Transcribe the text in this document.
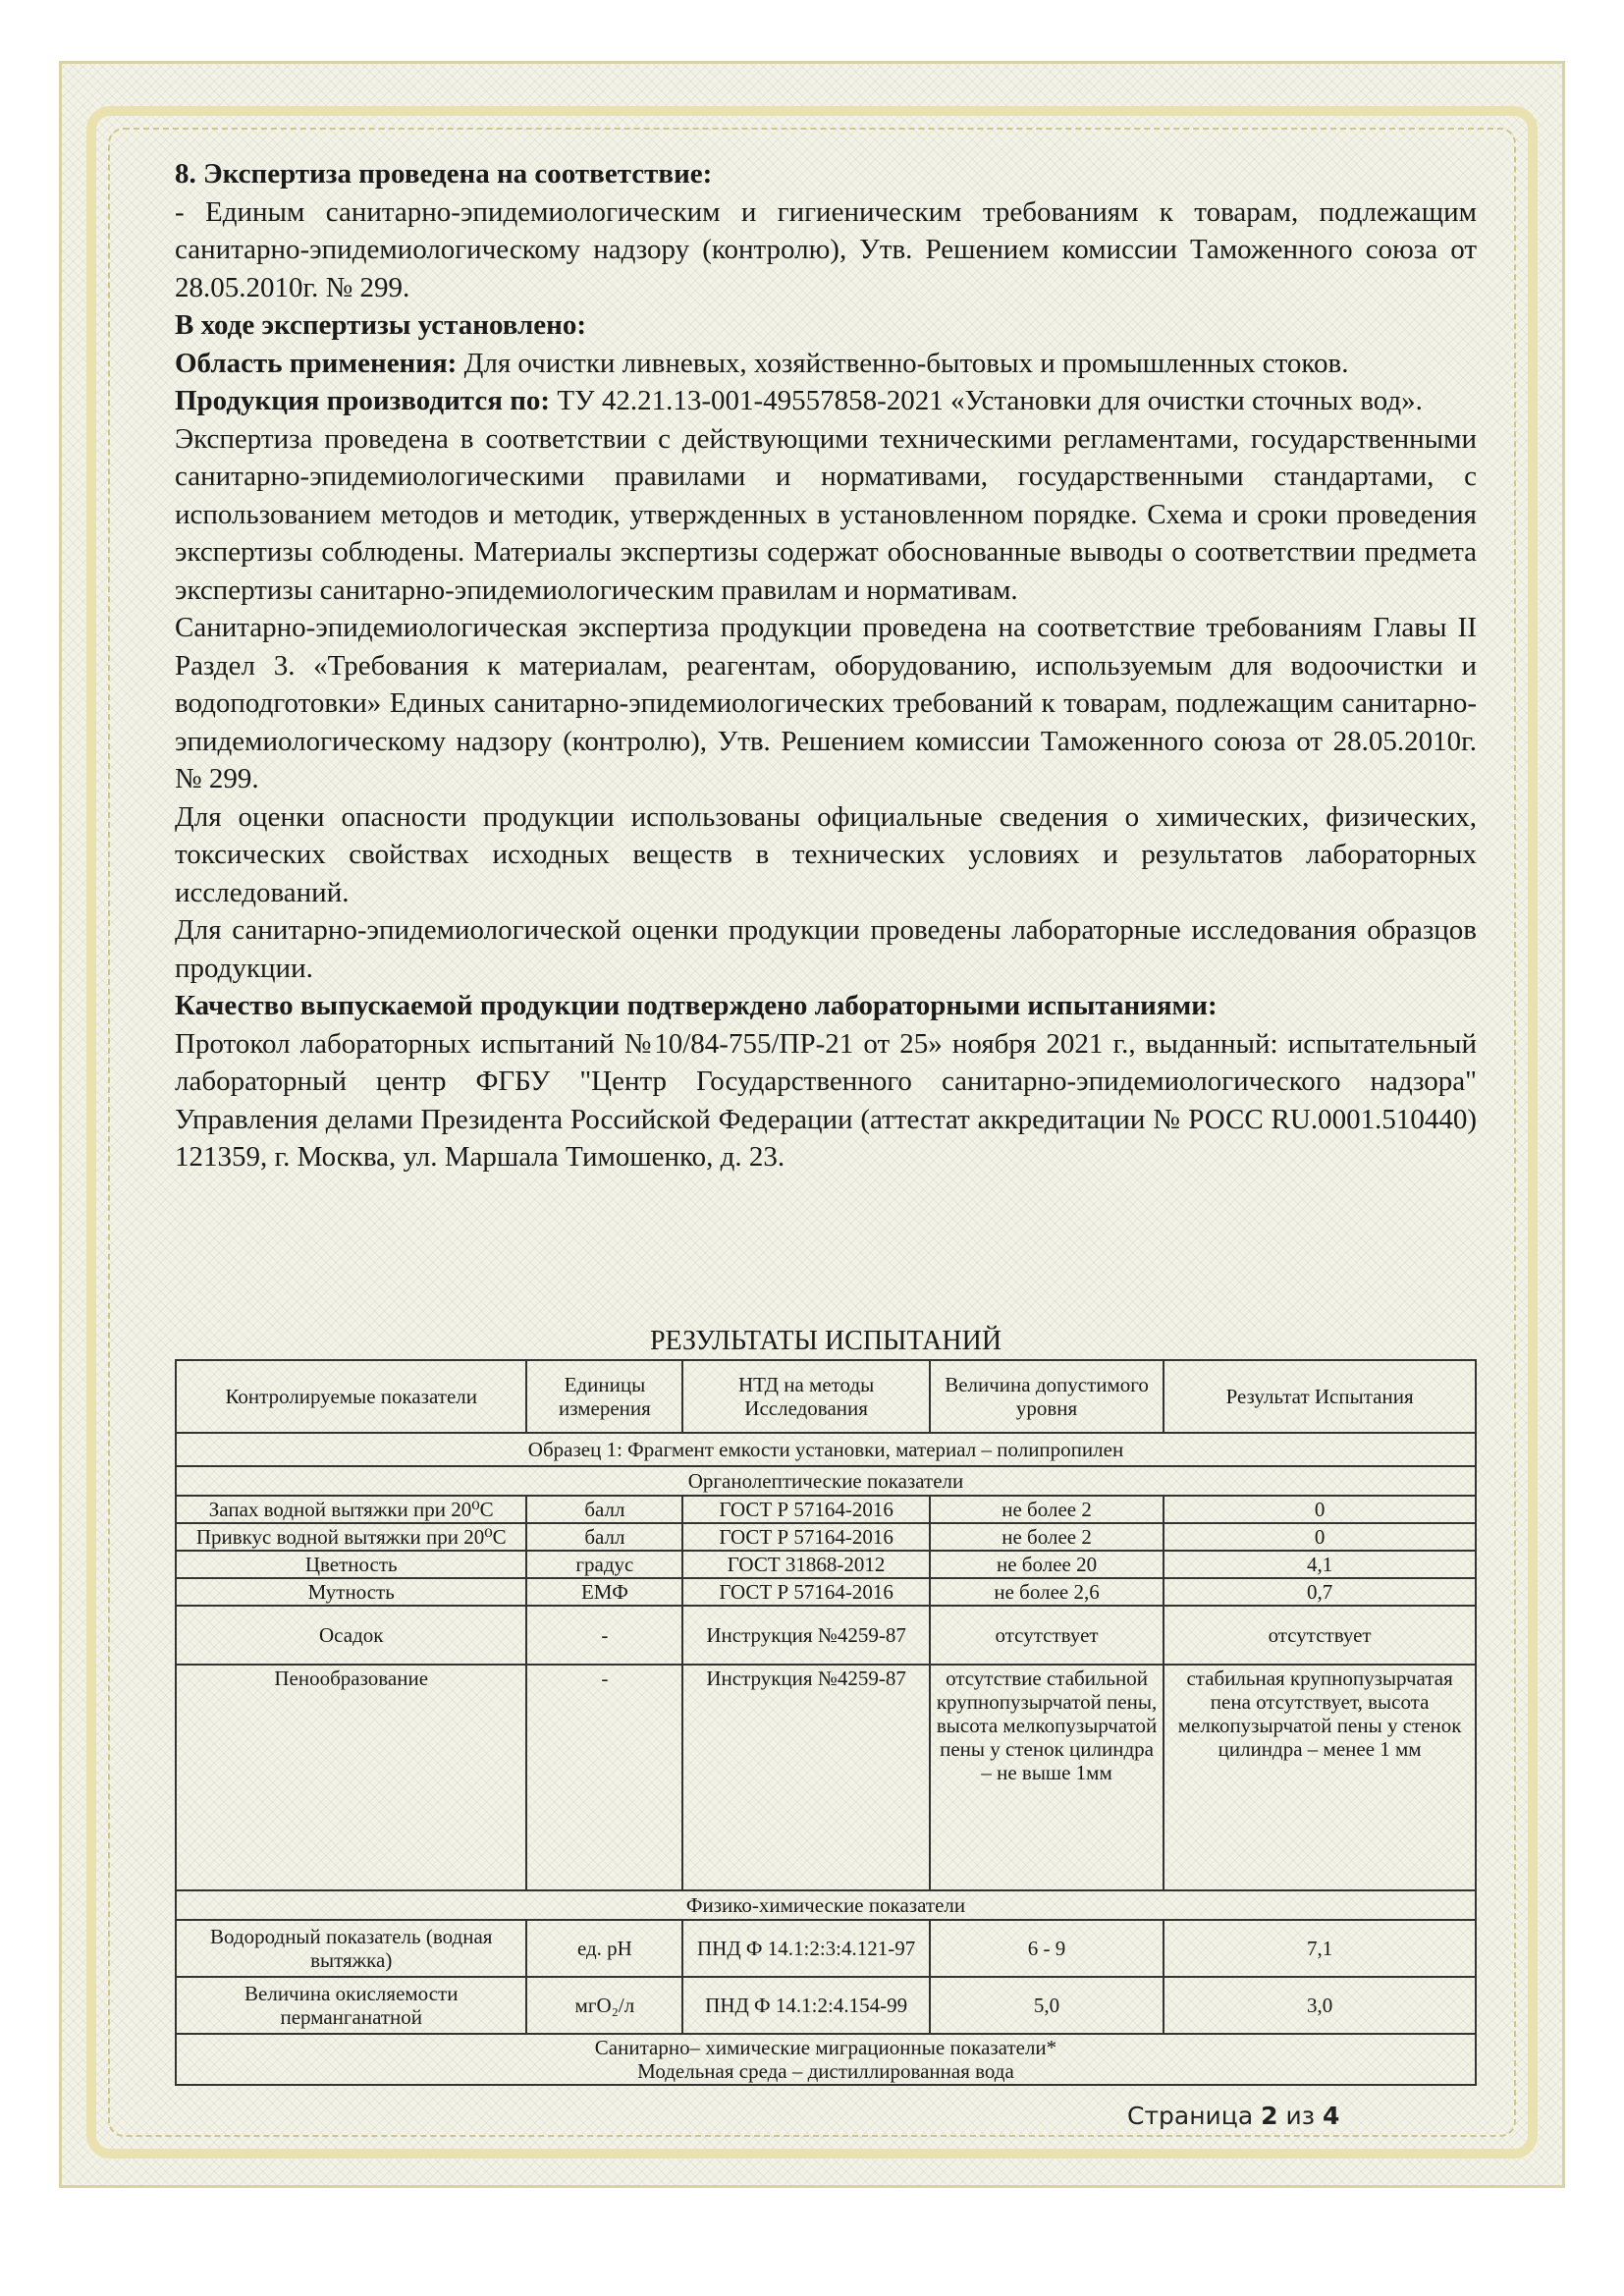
8. Экспертиза проведена на соответствие:
- Единым санитарно-эпидемиологическим и гигиеническим требованиям к товарам, подлежащим санитарно-эпидемиологическому надзору (контролю), Утв. Решением комиссии Таможенного союза от 28.05.2010г. № 299.

В ходе экспертизы установлено:

Область применения: Для очистки ливневых, хозяйственно-бытовых и промышленных стоков.

Продукция производится по: ТУ 42.21.13-001-49557858-2021 «Установки для очистки сточных вод».

Экспертиза проведена в соответствии с действующими техническими регламентами, государственными санитарно-эпидемиологическими правилами и нормативами, государственными стандартами, с использованием методов и методик, утвержденных в установленном порядке. Схема и сроки проведения экспертизы соблюдены. Материалы экспертизы содержат обоснованные выводы о соответствии предмета экспертизы санитарно-эпидемиологическим правилам и нормативам.

Санитарно-эпидемиологическая экспертиза продукции проведена на соответствие требованиям Главы II Раздел 3. «Требования к материалам, реагентам, оборудованию, используемым для водоочистки и водоподготовки» Единых санитарно-эпидемиологических требований к товарам, подлежащим санитарно-эпидемиологическому надзору (контролю), Утв. Решением комиссии Таможенного союза от 28.05.2010г. № 299.

Для оценки опасности продукции использованы официальные сведения о химических, физических, токсических свойствах исходных веществ в технических условиях и результатов лабораторных исследований.

Для санитарно-эпидемиологической оценки продукции проведены лабораторные исследования образцов продукции.

Качество выпускаемой продукции подтверждено лабораторными испытаниями:

Протокол лабораторных испытаний №10/84-755/ПР-21 от 25» ноября 2021 г., выданный: испытательный лабораторный центр ФГБУ "Центр Государственного санитарно-эпидемиологического надзора" Управления делами Президента Российской Федерации (аттестат аккредитации № РОСС RU.0001.510440) 121359, г. Москва, ул. Маршала Тимошенко, д. 23.

РЕЗУЛЬТАТЫ ИСПЫТАНИЙ
Контролируемые показатели	Единицы измерения	НТД на методы Исследования	Величина допустимого уровня	Результат Испытания
Образец 1: Фрагмент емкости установки, материал – полипропилен				
Органолептические показатели				
Запах водной вытяжки при 20⁰С	балл	ГОСТ Р 57164-2016	не более 2	0
Привкус водной вытяжки при 20⁰С	балл	ГОСТ Р 57164-2016	не более 2	0
Цветность	градус	ГОСТ 31868-2012	не более 20	4,1
Мутность	ЕМФ	ГОСТ Р 57164-2016	не более 2,6	0,7
Осадок	-	Инструкция №4259-87	отсутствует	отсутствует
Пенообразование	-	Инструкция №4259-87	отсутствие стабильной крупнопузырчатой пены, высота мелкопузырчатой пены у стенок цилиндра – не выше 1мм	стабильная крупнопузырчатая пена отсутствует, высота мелкопузырчатой пены у стенок цилиндра – менее 1 мм
Физико-химические показатели				
Водородный показатель (водная вытяжка)	ед. рН	ПНД Ф 14.1:2:3:4.121-97	6 - 9	7,1
Величина окисляемости перманганатной	мгО₂/л	ПНД Ф 14.1:2:4.154-99	5,0	3,0
Санитарно– химические миграционные показатели*
Модельная среда – дистиллированная вода				
Страница 2 из 4
